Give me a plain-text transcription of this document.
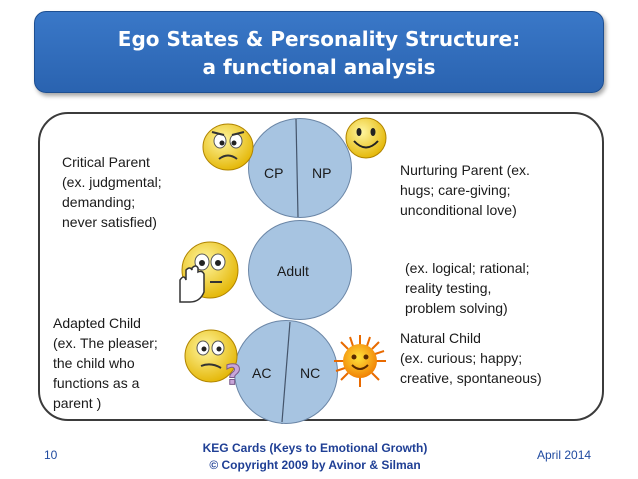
Ego States & Personality Structure:
a functional analysis
CP NP
Adult
AC NC
Critical Parent
(ex. judgmental;
demanding;
never satisfied)
Nurturing Parent (ex.
hugs; care-giving;
unconditional love)
(ex. logical; rational;
reality testing,
problem solving)
Adapted Child
(ex. The pleaser;
the child who
functions as a
parent )
Natural Child
(ex. curious; happy;
creative, spontaneous)
?
10	KEG Cards (Keys to Emotional Growth)
© Copyright 2009 by Avinor & Silman
April 2014
